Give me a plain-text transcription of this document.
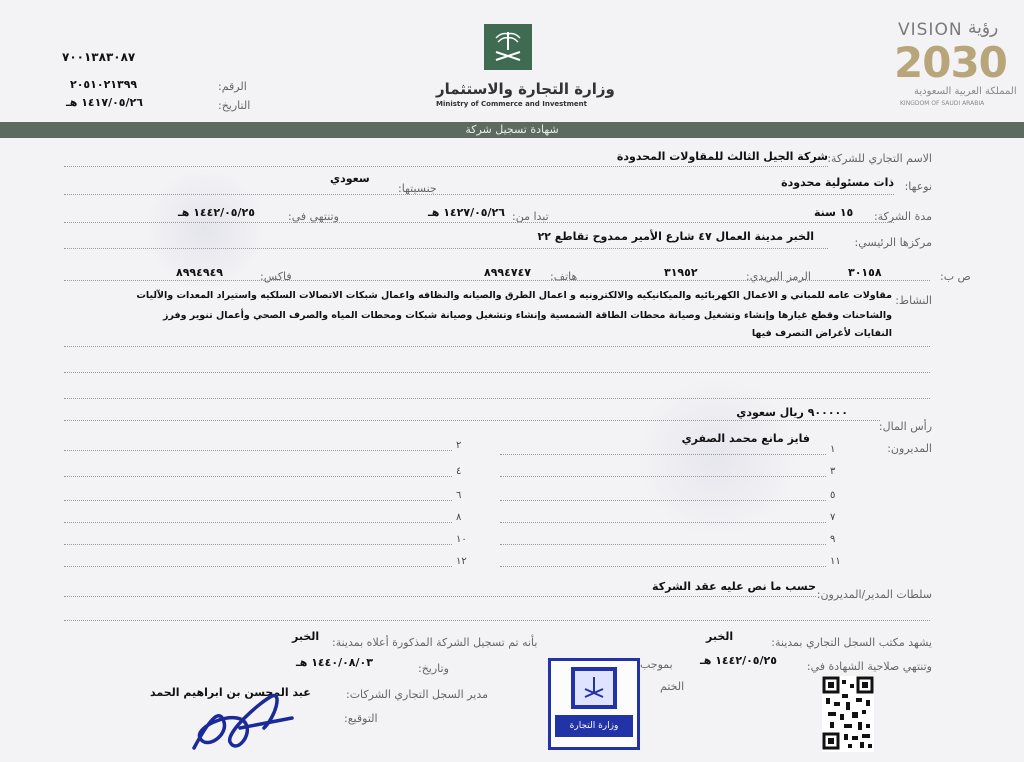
٧٠٠١٣٨٣٠٨٧
٢٠٥١٠٢١٣٩٩	الرقم:
١٤١٧/٠٥/٢٦ هـ	التاريخ:
وزارة التجارة والاستثمار
Ministry of Commerce and Investment
VISION رؤية
2030
المملكة العربية السعودية
KINGDOM OF SAUDI ARABIA
شهادة تسجيل شركة
الاسم التجاري للشركة:
شركة الجيل الثالث للمقاولات المحدودة
نوعها:
ذات مسئولية محدودة
جنسيتها:
سعودي
مدة الشركة:
١٥ سنة
تبدا من:
١٤٢٧/٠٥/٢٦ هـ
وتنتهي في:
١٤٤٢/٠٥/٢٥ هـ
مركزها الرئيسي:
الخبر مدينة العمال ٤٧ شارع الأمير ممدوح تقاطع ٢٢
ص ب:
٣٠١٥٨
الرمز البريدي:
٣١٩٥٢
هاتف:
٨٩٩٤٧٤٧
فاكس:
٨٩٩٤٩٤٩
النشاط:
مقاولات عامه للمباني و الاعمال الكهربائيه والميكانيكيه والالكترونيه و اعمال الطرق والصيانه والنظافه واعمال شبكات الاتصالات السلكيه واستيراد المعدات والآليات
والشاحنات وقطع غيارها وإنشاء وتشغيل وصيانة محطات الطاقة الشمسية وإنشاء وتشغيل وصيانة شبكات ومحطات المياه والصرف الصحي وأعمال تنوير وفرز
النفايات لأغراض التصرف فيها
رأس المال:
٩٠٠٠٠٠ ريال سعودي
المديرون:
فايز مانع محمد الصفري
١
٢
٣
٤
٥
٦
٧
٨
٩
١٠
١١
١٢
سلطات المدير/المديرون:
حسب ما نص عليه عقد الشركة
يشهد مكتب السجل التجاري بمدينة:
الخبر
بأنه تم تسجيل الشركة المذكورة أعلاه بمدينة:
الخبر
وتنتهي صلاحية الشهادة في:
١٤٤٢/٠٥/٢٥ هـ
بموجب
الختم
وتاريخ:
١٤٤٠/٠٨/٠٣ هـ
مدير السجل التجاري الشركات:
عبد المحسن بن ابراهيم الحمد
التوقيع:
وزارة التجارة
